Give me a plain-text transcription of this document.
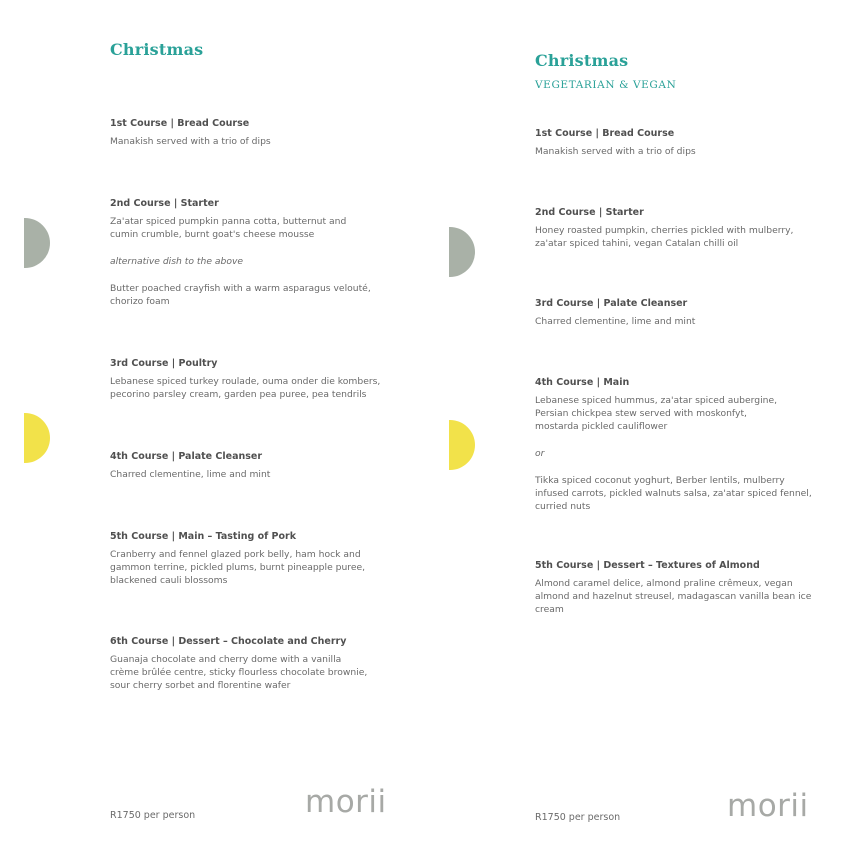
Christmas

1st Course | Bread Course

Manakish served with a trio of dips

2nd Course | Starter

Za'atar spiced pumpkin panna cotta, butternut and
cumin crumble, burnt goat's cheese mousse

alternative dish to the above

Butter poached crayfish with a warm asparagus velouté,
chorizo foam

3rd Course | Poultry

Lebanese spiced turkey roulade, ouma onder die kombers,
pecorino parsley cream, garden pea puree, pea tendrils

4th Course | Palate Cleanser

Charred clementine, lime and mint

5th Course | Main – Tasting of Pork

Cranberry and fennel glazed pork belly, ham hock and
gammon terrine, pickled plums, burnt pineapple puree,
blackened cauli blossoms

6th Course | Dessert – Chocolate and Cherry

Guanaja chocolate and cherry dome with a vanilla
crème brûlée centre, sticky flourless chocolate brownie,
sour cherry sorbet and florentine wafer

R1750 per person	morii

Christmas

VEGETARIAN & VEGAN

1st Course | Bread Course

Manakish served with a trio of dips

2nd Course | Starter

Honey roasted pumpkin, cherries pickled with mulberry,
za'atar spiced tahini, vegan Catalan chilli oil

3rd Course | Palate Cleanser

Charred clementine, lime and mint

4th Course | Main

Lebanese spiced hummus, za'atar spiced aubergine,
Persian chickpea stew served with moskonfyt,
mostarda pickled cauliflower

or

Tikka spiced coconut yoghurt, Berber lentils, mulberry
infused carrots, pickled walnuts salsa, za'atar spiced fennel,
curried nuts

5th Course | Dessert – Textures of Almond

Almond caramel delice, almond praline crêmeux, vegan
almond and hazelnut streusel, madagascan vanilla bean ice
cream

R1750 per person	morii
